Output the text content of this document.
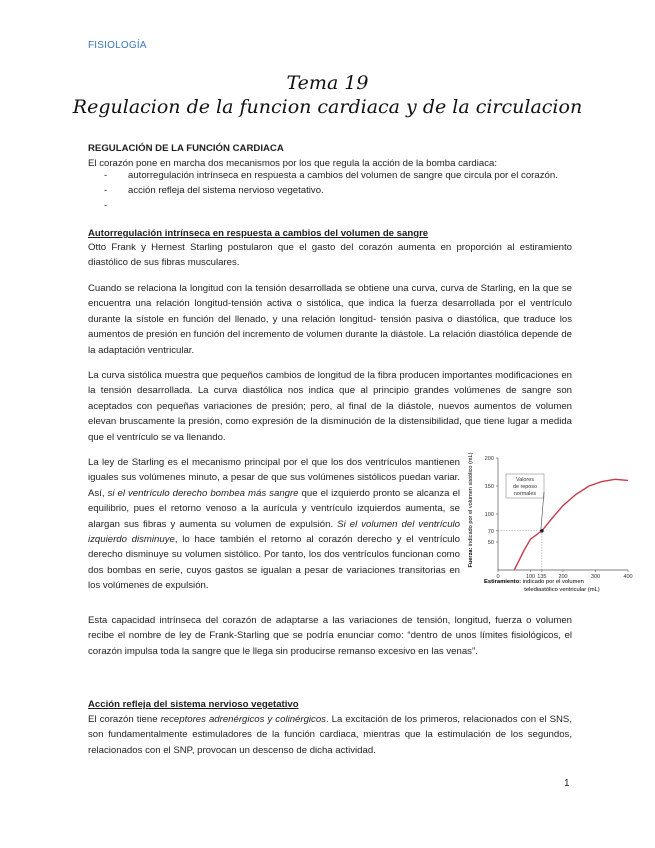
FISIOLOGÍA
Tema 19
Regulacion de la funcion cardiaca y de la circulacion
REGULACIÓN DE LA FUNCIÓN CARDIACA
El corazón pone en marcha dos mecanismos por los que regula la acción de la bomba cardiaca:
- autorregulación intrínseca en respuesta a cambios del volumen de sangre que circula por el corazón.
- acción refleja del sistema nervioso vegetativo.
-
Autorregulación intrínseca en respuesta a cambios del volumen de sangre
Otto Frank y Hernest Starling postularon que el gasto del corazón aumenta en proporción al estiramiento diastólico de sus fibras musculares.
Cuando se relaciona la longitud con la tensión desarrollada se obtiene una curva, curva de Starling, en la que se encuentra una relación longitud-tensión activa o sistólica, que indica la fuerza desarrollada por el ventrículo durante la sístole en función del llenado, y una relación longitud- tensión pasiva o diastólica, que traduce los aumentos de presión en función del incremento de volumen durante la diástole. La relación diastólica depende de la adaptación ventricular.
La curva sistólica muestra que pequeños cambios de longitud de la fibra producen importantes modificaciones en la tensión desarrollada. La curva diastólica nos indica que al principio grandes volúmenes de sangre son aceptados con pequeñas variaciones de presión; pero, al final de la diástole, nuevos aumentos de volumen elevan bruscamente la presión, como expresión de la disminución de la distensibilidad, que tiene lugar a medida que el ventrículo se va llenando.
La ley de Starling es el mecanismo principal por el que los dos ventrículos mantienen iguales sus volúmenes minuto, a pesar de que sus volúmenes sistólicos puedan variar. Así, si el ventrículo derecho bombea más sangre que el izquierdo pronto se alcanza el equilibrio, pues el retorno venoso a la aurícula y ventrículo izquierdos aumenta, se alargan sus fibras y aumenta su volumen de expulsión. Si el volumen del ventrículo izquierdo disminuye, lo hace también el retorno al corazón derecho y el ventrículo derecho disminuye su volumen sistólico. Por tanto, los dos ventrículos funcionan como dos bombas en serie, cuyos gastos se igualan a pesar de variaciones transitorias en los volúmenes de expulsión.
0	100 135 200	300	400
200
150
100
70
50
Valores
de reposo
normales
Fuerza: indicado por el volumen sistólico (mL)
Estiramiento: indicado por el volumen
telediastólico ventricular (mL)
Esta capacidad intrínseca del corazón de adaptarse a las variaciones de tensión, longitud, fuerza o volumen recibe el nombre de ley de Frank-Starling que se podría enunciar como: “dentro de unos límites fisiológicos, el corazón impulsa toda la sangre que le llega sin producirse remanso excesivo en las venas”.
Acción refleja del sistema nervioso vegetativo
El corazón tiene receptores adrenérgicos y colinérgicos. La excitación de los primeros, relacionados con el SNS, son fundamentalmente estimuladores de la función cardiaca, mientras que la estimulación de los segundos, relacionados con el SNP, provocan un descenso de dicha actividad.
1
